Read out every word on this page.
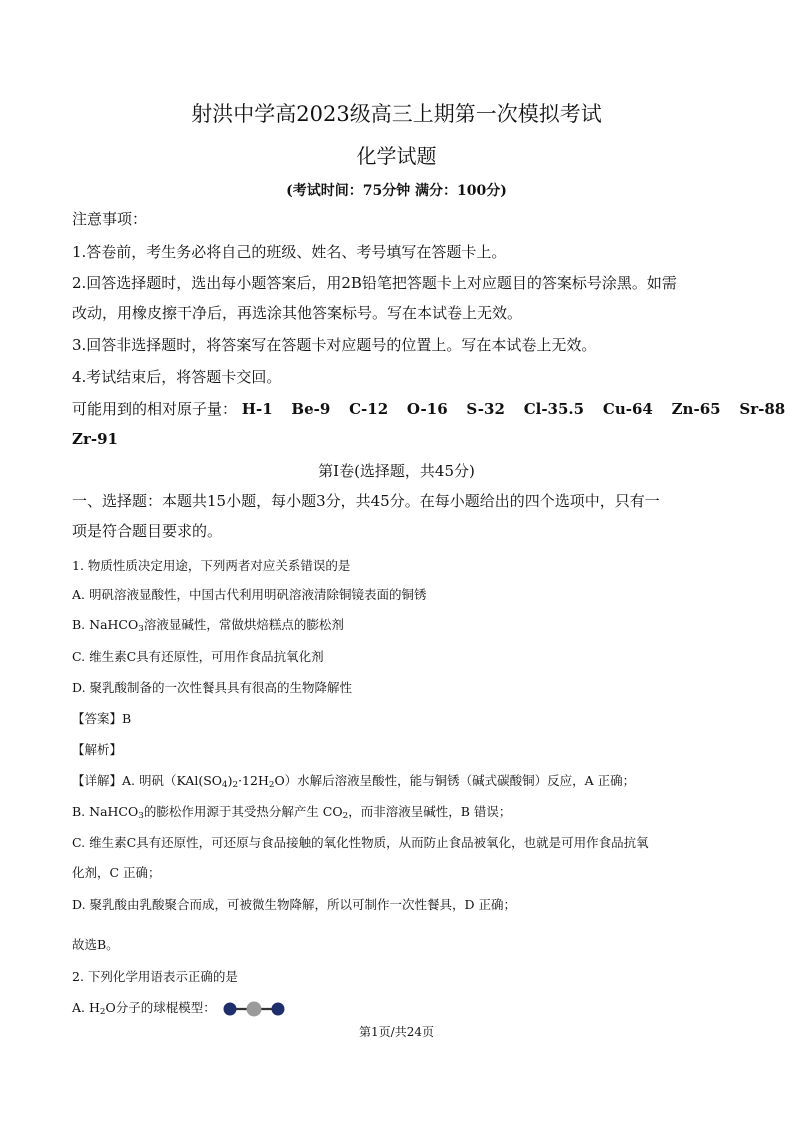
射洪中学高2023级高三上期第一次模拟考试
化学试题
(考试时间：75分钟 满分：100分)
注意事项：
1.答卷前，考生务必将自己的班级、姓名、考号填写在答题卡上。
2.回答选择题时，选出每小题答案后，用2B铅笔把答题卡上对应题目的答案标号涂黑。如需
改动，用橡皮擦干净后，再选涂其他答案标号。写在本试卷上无效。
3.回答非选择题时，将答案写在答题卡对应题号的位置上。写在本试卷上无效。
4.考试结束后，将答题卡交回。
可能用到的相对原子量： H-1 Be-9 C-12 O-16 S-32 Cl-35.5 Cu-64 Zn-65 Sr-88
Zr-91
第I卷(选择题，共45分)
一、选择题：本题共15小题，每小题3分，共45分。在每小题给出的四个选项中，只有一
项是符合题目要求的。
1. 物质性质决定用途，下列两者对应关系错误的是
A. 明矾溶液显酸性，中国古代利用明矾溶液清除铜镜表面的铜锈
B. NaHCO$_3$溶液显碱性，常做烘焙糕点的膨松剂
C. 维生素C具有还原性，可用作食品抗氧化剂
D. 聚乳酸制备的一次性餐具具有很高的生物降解性
【答案】B
【解析】
【详解】A. 明矾$(KAl(SO_4)_2\cdot 12H_2O)$水解后溶液呈酸性，能与铜锈（碱式碳酸铜）反应，A 正确；
B. NaHCO$_3$的膨松作用源于其受热分解产生 $CO_2$，而非溶液呈碱性，B 错误；
C. 维生素C具有还原性，可还原与食品接触的氧化性物质，从而防止食品被氧化，也就是可用作食品抗氧
化剂，C 正确；
D. 聚乳酸由乳酸聚合而成，可被微生物降解，所以可制作一次性餐具，D 正确；
故选B。
2. 下列化学用语表示正确的是
A. $H_2O$分子的球棍模型：
第1页/共24页
